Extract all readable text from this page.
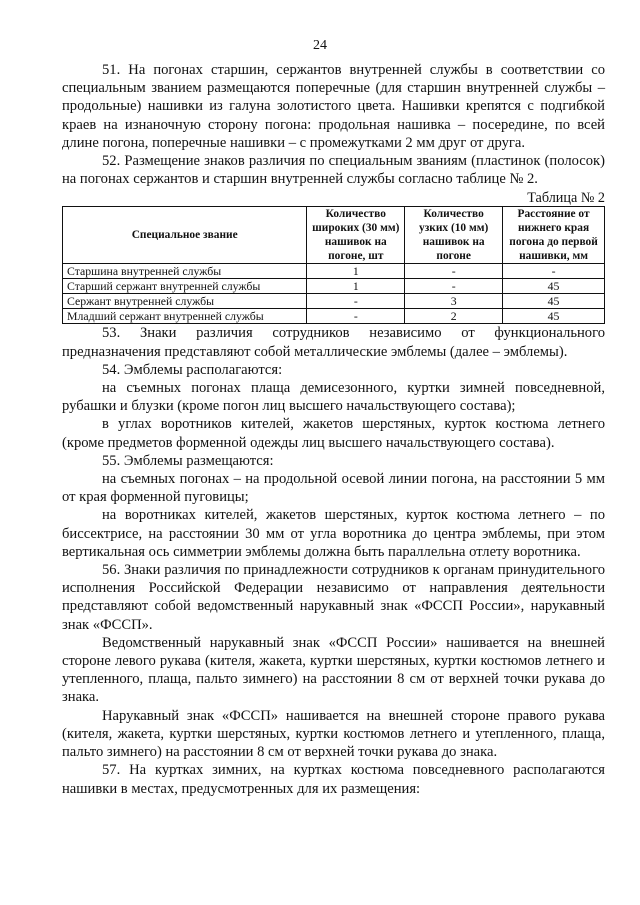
24

51. На погонах старшин, сержантов внутренней службы в соответствии со специальным званием размещаются поперечные (для старшин внутренней службы – продольные) нашивки из галуна золотистого цвета. Нашивки крепятся с подгибкой краев на изнаночную сторону погона: продольная нашивка – посередине, по всей длине погона, поперечные нашивки – с промежутками 2 мм друг от друга.

52. Размещение знаков различия по специальным званиям (пластинок (полосок) на погонах сержантов и старшин внутренней службы согласно таблице № 2.

Таблица № 2
Специальное звание	Количество широких (30 мм) нашивок на погоне, шт	Количество узких (10 мм) нашивок на погоне	Расстояние от нижнего края погона до первой нашивки, мм
Старшина внутренней службы	1	-	-
Старший сержант внутренней службы	1	-	45
Сержант внутренней службы	-	3	45
Младший сержант внутренней службы	-	2	45

53. Знаки различия сотрудников независимо от функционального предназначения представляют собой металлические эмблемы (далее – эмблемы).

54. Эмблемы располагаются:

на съемных погонах плаща демисезонного, куртки зимней повседневной, рубашки и блузки (кроме погон лиц высшего начальствующего состава);

в углах воротников кителей, жакетов шерстяных, курток костюма летнего (кроме предметов форменной одежды лиц высшего начальствующего состава).

55. Эмблемы размещаются:

на съемных погонах – на продольной осевой линии погона, на расстоянии 5 мм от края форменной пуговицы;

на воротниках кителей, жакетов шерстяных, курток костюма летнего – по биссектрисе, на расстоянии 30 мм от угла воротника до центра эмблемы, при этом вертикальная ось симметрии эмблемы должна быть параллельна отлету воротника.

56. Знаки различия по принадлежности сотрудников к органам принудительного исполнения Российской Федерации независимо от направления деятельности представляют собой ведомственный нарукавный знак «ФССП России», нарукавный знак «ФССП».

Ведомственный нарукавный знак «ФССП России» нашивается на внешней стороне левого рукава (кителя, жакета, куртки шерстяных, куртки костюмов летнего и утепленного, плаща, пальто зимнего) на расстоянии 8 см от верхней точки рукава до знака.

Нарукавный знак «ФССП» нашивается на внешней стороне правого рукава (кителя, жакета, куртки шерстяных, куртки костюмов летнего и утепленного, плаща, пальто зимнего) на расстоянии 8 см от верхней точки рукава до знака.

57. На куртках зимних, на куртках костюма повседневного располагаются нашивки в местах, предусмотренных для их размещения:
